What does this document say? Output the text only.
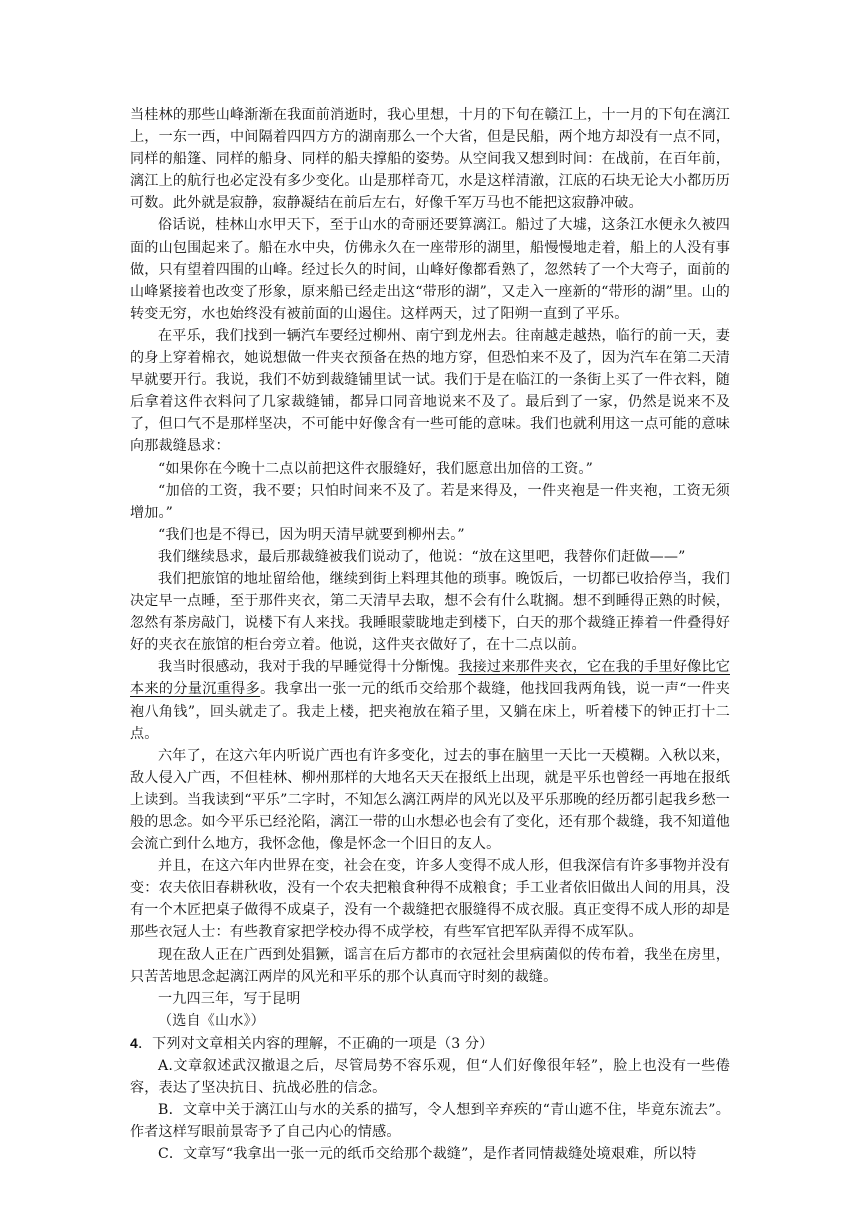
当桂林的那些山峰渐渐在我面前消逝时，我心里想，十月的下旬在赣江上，十一月的下旬在漓江上，一东一西，中间隔着四四方方的湖南那么一个大省，但是民船，两个地方却没有一点不同，同样的船篷、同样的船身、同样的船夫撑船的姿势。从空间我又想到时间：在战前，在百年前，漓江上的航行也必定没有多少变化。山是那样奇兀，水是这样清澈，江底的石块无论大小都历历可数。此外就是寂静，寂静凝结在前后左右，好像千军万马也不能把这寂静冲破。

俗话说，桂林山水甲天下，至于山水的奇丽还要算漓江。船过了大墟，这条江水便永久被四面的山包围起来了。船在水中央，仿佛永久在一座带形的湖里，船慢慢地走着，船上的人没有事做，只有望着四围的山峰。经过长久的时间，山峰好像都看熟了，忽然转了一个大弯子，面前的山峰紧接着也改变了形象，原来船已经走出这“带形的湖”，又走入一座新的“带形的湖”里。山的转变无穷，水也始终没有被前面的山遏住。这样两天，过了阳朔一直到了平乐。

在平乐，我们找到一辆汽车要经过柳州、南宁到龙州去。往南越走越热，临行的前一天，妻的身上穿着棉衣，她说想做一件夹衣预备在热的地方穿，但恐怕来不及了，因为汽车在第二天清早就要开行。我说，我们不妨到裁缝铺里试一试。我们于是在临江的一条街上买了一件衣料，随后拿着这件衣料问了几家裁缝铺，都异口同音地说来不及了。最后到了一家，仍然是说来不及了，但口气不是那样坚决，不可能中好像含有一些可能的意味。我们也就利用这一点可能的意味向那裁缝恳求：

“如果你在今晚十二点以前把这件衣服缝好，我们愿意出加倍的工资。”

“加倍的工资，我不要；只怕时间来不及了。若是来得及，一件夹袍是一件夹袍，工资无须增加。”

“我们也是不得已，因为明天清早就要到柳州去。”

我们继续恳求，最后那裁缝被我们说动了，他说：“放在这里吧，我替你们赶做——”

我们把旅馆的地址留给他，继续到街上料理其他的琐事。晚饭后，一切都已收拾停当，我们决定早一点睡，至于那件夹衣，第二天清早去取，想不会有什么耽搁。想不到睡得正熟的时候，忽然有茶房敲门，说楼下有人来找。我睡眼蒙眬地走到楼下，白天的那个裁缝正捧着一件叠得好好的夹衣在旅馆的柜台旁立着。他说，这件夹衣做好了，在十二点以前。

我当时很感动，我对于我的早睡觉得十分惭愧。我接过来那件夹衣，它在我的手里好像比它本来的分量沉重得多。我拿出一张一元的纸币交给那个裁缝，他找回我两角钱，说一声“一件夹袍八角钱”，回头就走了。我走上楼，把夹袍放在箱子里，又躺在床上，听着楼下的钟正打十二点。

六年了，在这六年内听说广西也有许多变化，过去的事在脑里一天比一天模糊。入秋以来，敌人侵入广西，不但桂林、柳州那样的大地名天天在报纸上出现，就是平乐也曾经一再地在报纸上读到。当我读到“平乐”二字时，不知怎么漓江两岸的风光以及平乐那晚的经历都引起我乡愁一般的思念。如今平乐已经沦陷，漓江一带的山水想必也会有了变化，还有那个裁缝，我不知道他会流亡到什么地方，我怀念他，像是怀念一个旧日的友人。

并且，在这六年内世界在变，社会在变，许多人变得不成人形，但我深信有许多事物并没有变：农夫依旧春耕秋收，没有一个农夫把粮食种得不成粮食；手工业者依旧做出人间的用具，没有一个木匠把桌子做得不成桌子，没有一个裁缝把衣服缝得不成衣服。真正变得不成人形的却是那些衣冠人士：有些教育家把学校办得不成学校，有些军官把军队弄得不成军队。

现在敌人正在广西到处猖獗，谣言在后方都市的衣冠社会里病菌似的传布着，我坐在房里，只苦苦地思念起漓江两岸的风光和平乐的那个认真而守时刻的裁缝。

一九四三年，写于昆明

（选自《山水》）

4．下列对文章相关内容的理解，不正确的一项是（3 分）

A.文章叙述武汉撤退之后，尽管局势不容乐观，但“人们好像很年轻”，脸上也没有一些倦容，表达了坚决抗日、抗战必胜的信念。

B．文章中关于漓江山与水的关系的描写，令人想到辛弃疾的“青山遮不住，毕竟东流去”。作者这样写眼前景寄予了自己内心的情感。

C．文章写“我拿出一张一元的纸币交给那个裁缝”，是作者同情裁缝处境艰难，所以特
